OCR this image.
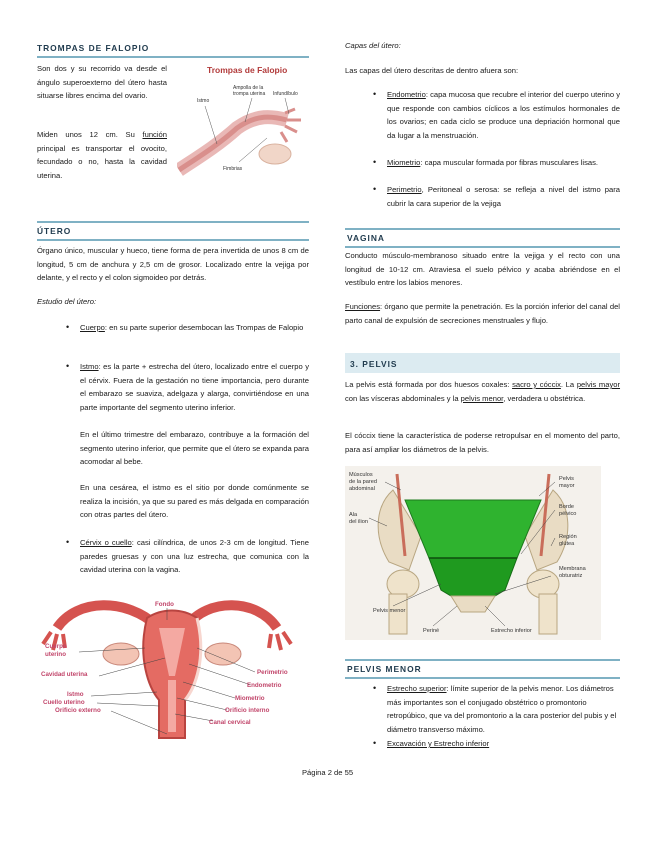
TROMPAS DE FALOPIO
Son dos y su recorrido va desde el ángulo superoexterno del útero hasta situarse libres encima del ovario.
Miden unos 12 cm. Su función principal es transportar el ovocito, fecundado o no, hasta la cavidad uterina.
Trompas de Falopio
Ampolla de la
trompa uterina
Istmo
Infundíbulo
Fimbrias
ÚTERO
Órgano único, muscular y hueco, tiene forma de pera invertida de unos 8 cm de longitud, 5 cm de anchura y 2,5 cm de grosor. Localizado entre la vejiga por delante, y el recto y el colon sigmoideo por detrás.
Estudio del útero:
• Cuerpo: en su parte superior desembocan las Trompas de Falopio
• Istmo: es la parte + estrecha del útero, localizado entre el cuerpo y el cérvix. Fuera de la gestación no tiene importancia, pero durante el embarazo se suaviza, adelgaza y alarga, convirtiéndose en una parte importante del segmento uterino inferior.
En el último trimestre del embarazo, contribuye a la formación del segmento uterino inferior, que permite que el útero se expanda para acomodar al bebe.
En una cesárea, el istmo es el sitio por donde comúnmente se realiza la incisión, ya que su pared es más delgada en comparación con otras partes del útero.
• Cérvix o cuello: casi cilíndrica, de unos 2-3 cm de longitud. Tiene paredes gruesas y con una luz estrecha, que comunica con la cavidad uterina con la vagina.
Fondo
Cuerpo
uterino
Cavidad uterina
Istmo
Cuello uterino
Orificio externo
Perimetrio
Endometrio
Miometrio
Orificio interno
Canal cervical
Capas del útero:
Las capas del útero descritas de dentro afuera son:
• Endometrio: capa mucosa que recubre el interior del cuerpo uterino y que responde con cambios cíclicos a los estímulos hormonales de los ovarios; en cada ciclo se produce una depriación hormonal que da lugar a la menstruación.
• Miometrio: capa muscular formada por fibras musculares lisas.
• Perimetrio, Peritoneal o serosa: se refleja a nivel del istmo para cubrir la cara superior de la vejiga
VAGINA
Conducto músculo-membranoso situado entre la vejiga y el recto con una longitud de 10-12 cm. Atraviesa el suelo pélvico y acaba abriéndose en el vestíbulo entre los labios menores.
Funciones: órgano que permite la penetración. Es la porción inferior del canal del parto canal de expulsión de secreciones menstruales y flujo.
3. PELVIS
La pelvis está formada por dos huesos coxales: sacro y cóccix. La pelvis mayor con las vísceras abdominales y la pelvis menor, verdadera u obstétrica.
El cóccix tiene la característica de poderse retropulsar en el momento del parto, para así ampliar los diámetros de la pelvis.
Músculos
de la pared
abdominal
Ala
del ilion
Pelvis
mayor
Borde
pélvico
Región
glútea
Membrana
obturatriz
Pelvis menor
Periné	Estrecho inferior
PELVIS MENOR
• Estrecho superior: límite superior de la pelvis menor. Los diámetros más importantes son el conjugado obstétrico o promontorio retropúbico, que va del promontorio a la cara posterior del pubis y el diámetro transverso máximo.
• Excavación y Estrecho inferior
Página 2 de 55
